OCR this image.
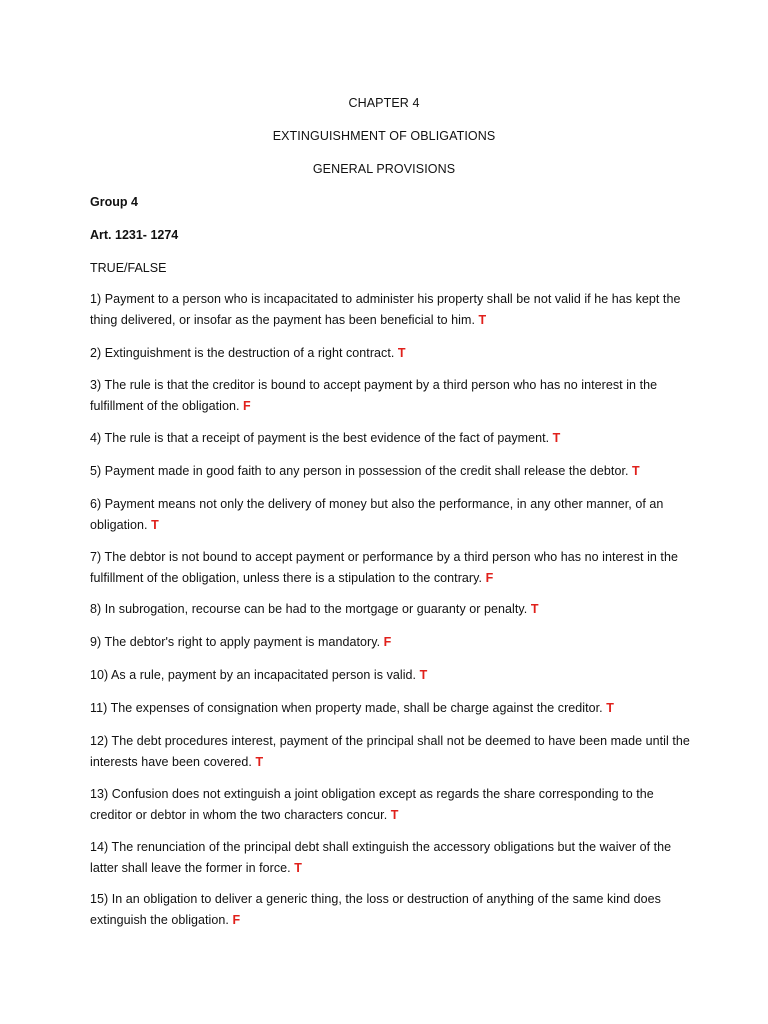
CHAPTER 4
EXTINGUISHMENT OF OBLIGATIONS
GENERAL PROVISIONS
Group 4
Art. 1231- 1274
TRUE/FALSE
1) Payment to a person who is incapacitated to administer his property shall be not valid if he has kept the thing delivered, or insofar as the payment has been beneficial to him. T
2) Extinguishment is the destruction of a right contract. T
3) The rule is that the creditor is bound to accept payment by a third person who has no interest in the fulfillment of the obligation. F
4) The rule is that a receipt of payment is the best evidence of the fact of payment. T
5) Payment made in good faith to any person in possession of the credit shall release the debtor. T
6) Payment means not only the delivery of money but also the performance, in any other manner, of an obligation. T
7) The debtor is not bound to accept payment or performance by a third person who has no interest in the fulfillment of the obligation, unless there is a stipulation to the contrary. F
8) In subrogation, recourse can be had to the mortgage or guaranty or penalty. T
9) The debtor's right to apply payment is mandatory. F
10) As a rule, payment by an incapacitated person is valid. T
11) The expenses of consignation when property made, shall be charge against the creditor. T
12) The debt procedures interest, payment of the principal shall not be deemed to have been made until the interests have been covered. T
13) Confusion does not extinguish a joint obligation except as regards the share corresponding to the creditor or debtor in whom the two characters concur. T
14) The renunciation of the principal debt shall extinguish the accessory obligations but the waiver of the latter shall leave the former in force. T
15) In an obligation to deliver a generic thing, the loss or destruction of anything of the same kind does extinguish the obligation. F
